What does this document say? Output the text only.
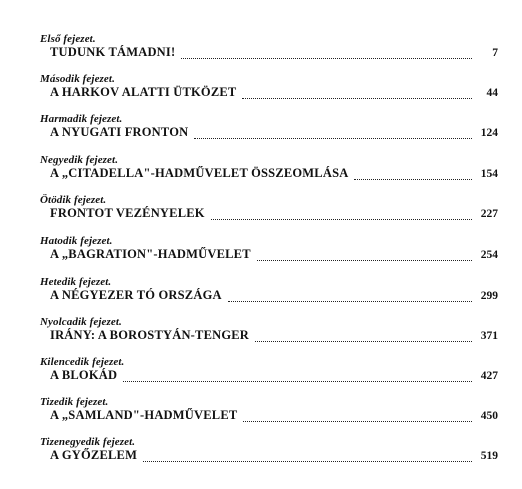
Első fejezet.
TUDUNK TÁMADNI!	7
Második fejezet.
A HARKOV ALATTI ÜTKÖZET	44
Harmadik fejezet.
A NYUGATI FRONTON	124
Negyedik fejezet.
A „CITADELLA"-HADMŰVELET ÖSSZEOMLÁSA	154
Ötödik fejezet.
FRONTOT VEZÉNYELEK	227
Hatodik fejezet.
A „BAGRATION"-HADMŰVELET	254
Hetedik fejezet.
A NÉGYEZER TÓ ORSZÁGA	299
Nyolcadik fejezet.
IRÁNY: A BOROSTYÁN-TENGER	371
Kilencedik fejezet.
A BLOKÁD	427
Tizedik fejezet.
A „SAMLAND"-HADMŰVELET	450
Tizenegyedik fejezet.
A GYŐZELEM	519
